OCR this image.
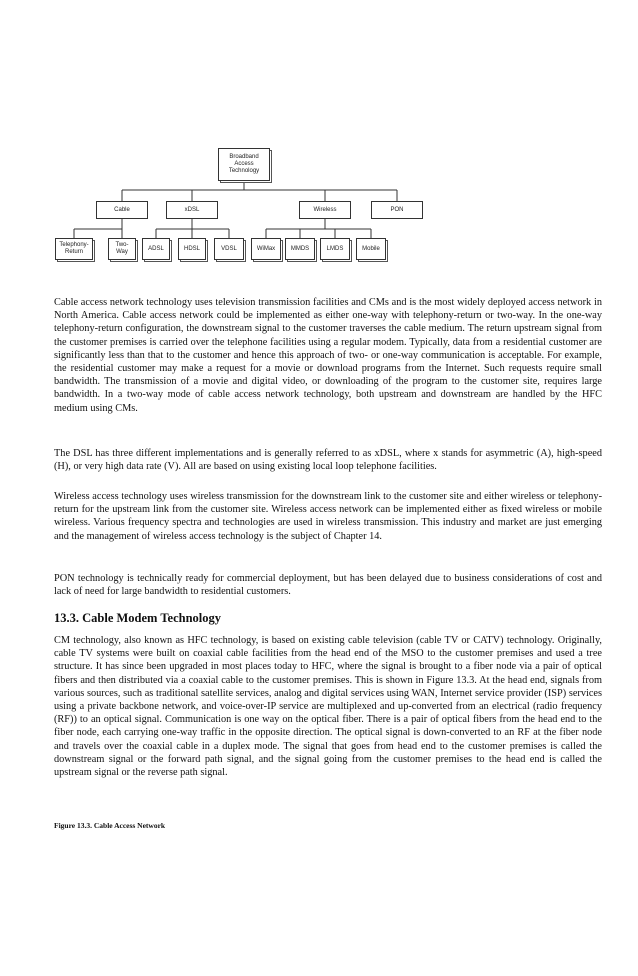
Broadband
Access
Technology
Cable	xDSL	Wireless	PON
Telephony-
Return
Two-
Way
ADSL	HDSL	VDSL	WiMax	MMDS	LMDS	Mobile

Cable access network technology uses television transmission facilities and CMs and is the most widely deployed access network in North America. Cable access network could be implemented as either one-way with telephony-return or two-way. In the one-way telephony-return configuration, the downstream signal to the customer traverses the cable medium. The return upstream signal from the customer premises is carried over the telephone facilities using a regular modem. Typically, data from a residential customer are significantly less than that to the customer and hence this approach of two- or one-way communication is acceptable. For example, the residential customer may make a request for a movie or download programs from the Internet. Such requests require small bandwidth. The transmission of a movie and digital video, or downloading of the program to the customer site, requires large bandwidth. In a two-way mode of cable access network technology, both upstream and downstream are handled by the HFC medium using CMs.

The DSL has three different implementations and is generally referred to as xDSL, where x stands for asymmetric (A), high-speed (H), or very high data rate (V). All are based on using existing local loop telephone facilities.

Wireless access technology uses wireless transmission for the downstream link to the customer site and either wireless or telephony-return for the upstream link from the customer site. Wireless access network can be implemented either as fixed wireless or mobile wireless. Various frequency spectra and technologies are used in wireless transmission. This industry and market are just emerging and the management of wireless access technology is the subject of Chapter 14.

PON technology is technically ready for commercial deployment, but has been delayed due to business considerations of cost and lack of need for large bandwidth to residential customers.

13.3. Cable Modem Technology

CM technology, also known as HFC technology, is based on existing cable television (cable TV or CATV) technology. Originally, cable TV systems were built on coaxial cable facilities from the head end of the MSO to the customer premises and used a tree structure. It has since been upgraded in most places today to HFC, where the signal is brought to a fiber node via a pair of optical fibers and then distributed via a coaxial cable to the customer premises. This is shown in Figure 13.3. At the head end, signals from various sources, such as traditional satellite services, analog and digital services using WAN, Internet service provider (ISP) services using a private backbone network, and voice-over-IP service are multiplexed and up-converted from an electrical (radio frequency (RF)) to an optical signal. Communication is one way on the optical fiber. There is a pair of optical fibers from the head end to the fiber node, each carrying one-way traffic in the opposite direction. The optical signal is down-converted to an RF at the fiber node and travels over the coaxial cable in a duplex mode. The signal that goes from head end to the customer premises is called the downstream signal or the forward path signal, and the signal going from the customer premises to the head end is called the upstream signal or the reverse path signal.

Figure 13.3. Cable Access Network
